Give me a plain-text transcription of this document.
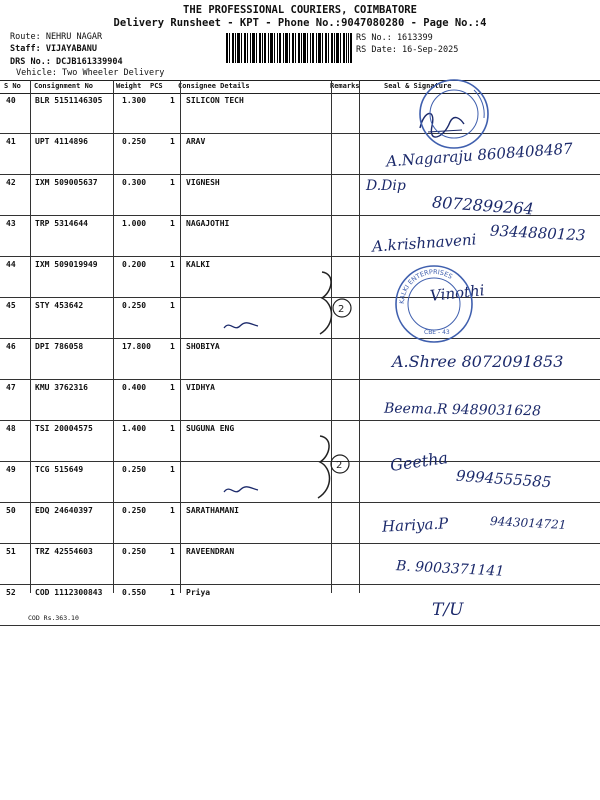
THE PROFESSIONAL COURIERS, COIMBATORE
Delivery Runsheet - KPT - Phone No.:9047080280 - Page No.:4
Route: NEHRU NAGAR
Staff: VIJAYABANU
DRS No.: DCJB161339904
Vehicle: Two Wheeler Delivery
RS No.: 1613399
RS Date: 16-Sep-2025
S No Consignment No	Weight PCS Consignee Details	Remarks	Seal & Signature
40 BLR 5151146305 1.300	1 SILICON TECH
41 UPT 4114896	0.250	1 ARAV
42 IXM 509005637	0.300	1 VIGNESH
43 TRP 5314644	1.000	1 NAGAJOTHI
44 IXM 509019949	0.200	1 KALKI
45 STY 453642	0.250	1
46 DPI 786058	17.800 1 SHOBIYA
47 KMU 3762316	0.400	1 VIDHYA
48 TSI 20004575	1.400	1 SUGUNA ENG
49 TCG 515649	0.250	1
50 EDQ 24640397	0.250	1 SARATHAMANI
51 TRZ 42554603	0.250	1 RAVEENDRAN
52 COD 1112300843 0.550	1 Priya
COD Rs.363.10
A.Nagaraju 8608408487
D.Dip
8072899264
9344880123
A.krishnaveni
Vinothi
A.Shree 8072091853
Beema.R 9489031628
Geetha
9994555585
Hariya.P	9443014721
B. 9003371141
T/U
2
2
KALKI ENTERPRISES
CBE - 43
